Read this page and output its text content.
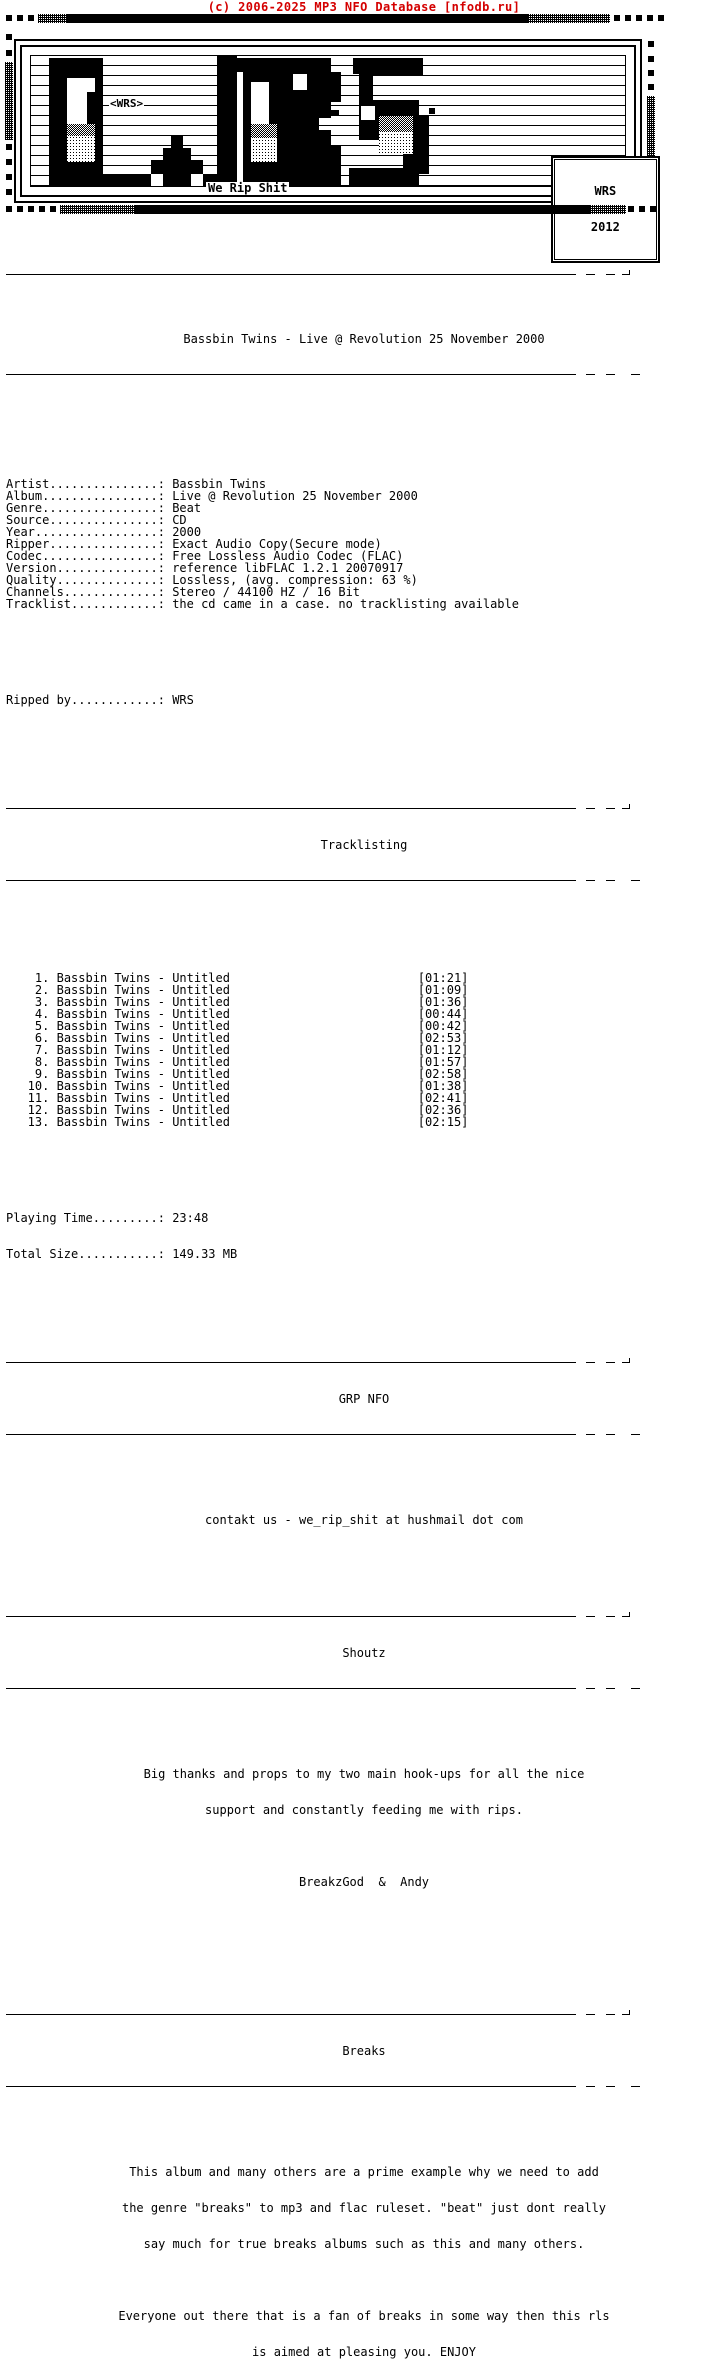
(c) 2006-2025 MP3 NFO Database [nfodb.ru]
<WRS>
We Rip Shit

	WRS

2012

Bassbin Twins - Live @ Revolution 25 November 2000

Artist...............: Bassbin Twins
Album................: Live @ Revolution 25 November 2000
Genre................: Beat
Source...............: CD
Year.................: 2000
Ripper...............: Exact Audio Copy(Secure mode)
Codec................: Free Lossless Audio Codec (FLAC)
Version..............: reference libFLAC 1.2.1 20070917
Quality..............: Lossless, (avg. compression: 63 %)
Channels.............: Stereo / 44100 HZ / 16 Bit
Tracklist............: the cd came in a case. no tracklisting available

Ripped by............: WRS

Tracklisting

1. Bassbin Twins - Untitled	[01:21]
2. Bassbin Twins - Untitled	[01:09]
3. Bassbin Twins - Untitled	[01:36]
4. Bassbin Twins - Untitled	[00:44]
5. Bassbin Twins - Untitled	[00:42]
6. Bassbin Twins - Untitled	[02:53]
7. Bassbin Twins - Untitled	[01:12]
8. Bassbin Twins - Untitled	[01:57]
9. Bassbin Twins - Untitled	[02:58]
10. Bassbin Twins - Untitled	[01:38]
11. Bassbin Twins - Untitled	[02:41]
12. Bassbin Twins - Untitled	[02:36]
13. Bassbin Twins - Untitled	[02:15]

Playing Time.........: 23:48

Total Size...........: 149.33 MB

GRP NFO

contakt us - we_rip_shit at hushmail dot com

Shoutz

Big thanks and props to my two main hook-ups for all the nice

support and constantly feeding me with rips.

BreakzGod  &  Andy

Breaks

This album and many others are a prime example why we need to add

the genre "breaks" to mp3 and flac ruleset. "beat" just dont really

say much for true breaks albums such as this and many others.

Everyone out there that is a fan of breaks in some way then this rls

is aimed at pleasing you. ENJOY
